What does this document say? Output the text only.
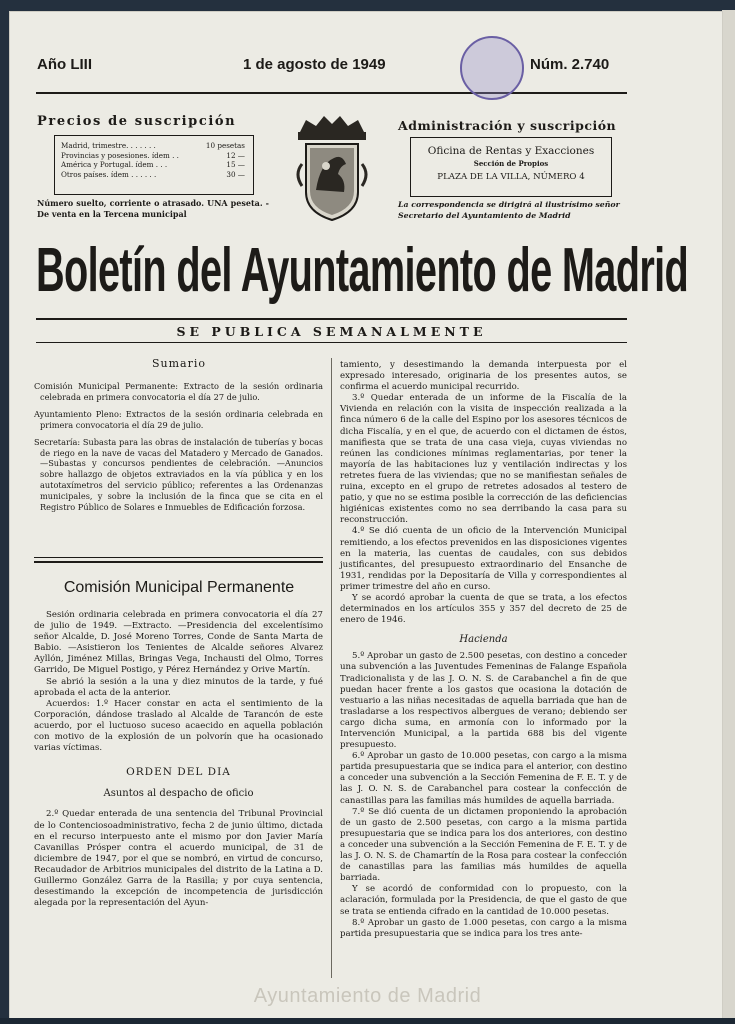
Año LIII	1 de agosto de 1949	Núm. 2.740
Precios de suscripción
Madrid, trimestre. . . . . . .	10 pesetas
Provincias y posesiones. ídem . .	12 —
América y Portugal. ídem . . .	15 —
Otros países. ídem . . . . . .	30 —
Número suelto, corriente o atrasado. UNA peseta. - De venta en la Tercena municipal
Administración y suscripción
Oficina de Rentas y Exacciones
Sección de Propios
PLAZA DE LA VILLA, NÚMERO 4
La correspondencia se dirigirá al ilustrísimo señor Secretario del Ayuntamiento de Madrid
Boletín del Ayuntamiento de Madrid
SE PUBLICA SEMANALMENTE
Sumario

Comisión Municipal Permanente: Extracto de la sesión ordinaria celebrada en primera convocatoria el día 27 de julio.

Ayuntamiento Pleno: Extractos de la sesión ordinaria celebrada en primera convocatoria el día 29 de julio.

Secretaría: Subasta para las obras de instalación de tuberías y bocas de riego en la nave de vacas del Matadero y Mercado de Ganados. —Subastas y concursos pendientes de celebración. —Anuncios sobre hallazgo de objetos extraviados en la vía pública y en los autotaxímetros del servicio público; referentes a las Ordenanzas municipales, y sobre la inclusión de la finca que se cita en el Registro Público de Solares e Inmuebles de Edificación forzosa.

Comisión Municipal Permanente

Sesión ordinaria celebrada en primera convocatoria el día 27 de julio de 1949. —Extracto. —Presidencia del excelentísimo señor Alcalde, D. José Moreno Torres, Conde de Santa Marta de Babio. —Asistieron los Tenientes de Alcalde señores Alvarez Ayllón, Jiménez Millas, Bringas Vega, Inchausti del Olmo, Torres Garrido, De Miguel Postigo, y Pérez Hernández y Orive Martín.

Se abrió la sesión a la una y diez minutos de la tarde, y fué aprobada el acta de la anterior.

Acuerdos: 1.º Hacer constar en acta el sentimiento de la Corporación, dándose traslado al Alcalde de Tarancón de este acuerdo, por el luctuoso suceso acaecido en aquella población con motivo de la explosión de un polvorín que ha ocasionado varias víctimas.

ORDEN DEL DIA
Asuntos al despacho de oficio

2.º Quedar enterada de una sentencia del Tribunal Provincial de lo Contenciosoadministrativo, fecha 2 de junio último, dictada en el recurso interpuesto ante el mismo por don Javier María Cavanillas Prósper contra el acuerdo municipal, de 31 de diciembre de 1947, por el que se nombró, en virtud de concurso, Recaudador de Arbitrios municipales del distrito de la Latina a D. Guillermo González Garra de la Rasilla; y por cuya sentencia, desestimando la excepción de incompetencia de jurisdicción alegada por la representación del Ayun-

tamiento, y desestimando la demanda interpuesta por el expresado interesado, originaria de los presentes autos, se confirma el acuerdo municipal recurrido.

3.º Quedar enterada de un informe de la Fiscalía de la Vivienda en relación con la visita de inspección realizada a la finca número 6 de la calle del Espino por los asesores técnicos de dicha Fiscalía, y en el que, de acuerdo con el dictamen de éstos, manifiesta que se trata de una casa vieja, cuyas viviendas no reúnen las condiciones mínimas reglamentarias, por tener la mayoría de las habitaciones luz y ventilación indirectas y los retretes fuera de las viviendas; que no se manifiestan señales de ruina, excepto en el grupo de retretes adosados al testero de patio, y que no se estima posible la corrección de las deficiencias higiénicas existentes como no sea derribando la casa para su reconstrucción.

4.º Se dió cuenta de un oficio de la Intervención Municipal remitiendo, a los efectos prevenidos en las disposiciones vigentes en la materia, las cuentas de caudales, con sus debidos justificantes, del presupuesto extraordinario del Ensanche de 1931, rendidas por la Depositaría de Villa y correspondientes al primer trimestre del año en curso.

Y se acordó aprobar la cuenta de que se trata, a los efectos determinados en los artículos 355 y 357 del decreto de 25 de enero de 1946.

Hacienda

5.º Aprobar un gasto de 2.500 pesetas, con destino a conceder una subvención a las Juventudes Femeninas de Falange Española Tradicionalista y de las J. O. N. S. de Carabanchel a fin de que puedan hacer frente a los gastos que ocasiona la dotación de vestuario a las niñas necesitadas de aquella barriada que han de trasladarse a los respectivos albergues de verano; debiendo ser cargo dicha suma, en armonía con lo informado por la Intervención Municipal, a la partida 688 bis del vigente presupuesto.

6.º Aprobar un gasto de 10.000 pesetas, con cargo a la misma partida presupuestaria que se indica para el anterior, con destino a conceder una subvención a la Sección Femenina de F. E. T. y de las J. O. N. S. de Carabanchel para costear la confección de canastillas para las familias más humildes de aquella barriada.

7.º Se dió cuenta de un dictamen proponiendo la aprobación de un gasto de 2.500 pesetas, con cargo a la misma partida presupuestaria que se indica para los dos anteriores, con destino a conceder una subvención a la Sección Femenina de F. E. T. y de las J. O. N. S. de Chamartín de la Rosa para costear la confección de canastillas para las familias más humildes de aquella barriada.

Y se acordó de conformidad con lo propuesto, con la aclaración, formulada por la Presidencia, de que el gasto de que se trata se entienda cifrado en la cantidad de 10.000 pesetas.

8.º Aprobar un gasto de 1.000 pesetas, con cargo a la misma partida presupuestaria que se indica para los tres ante-

Ayuntamiento de Madrid
